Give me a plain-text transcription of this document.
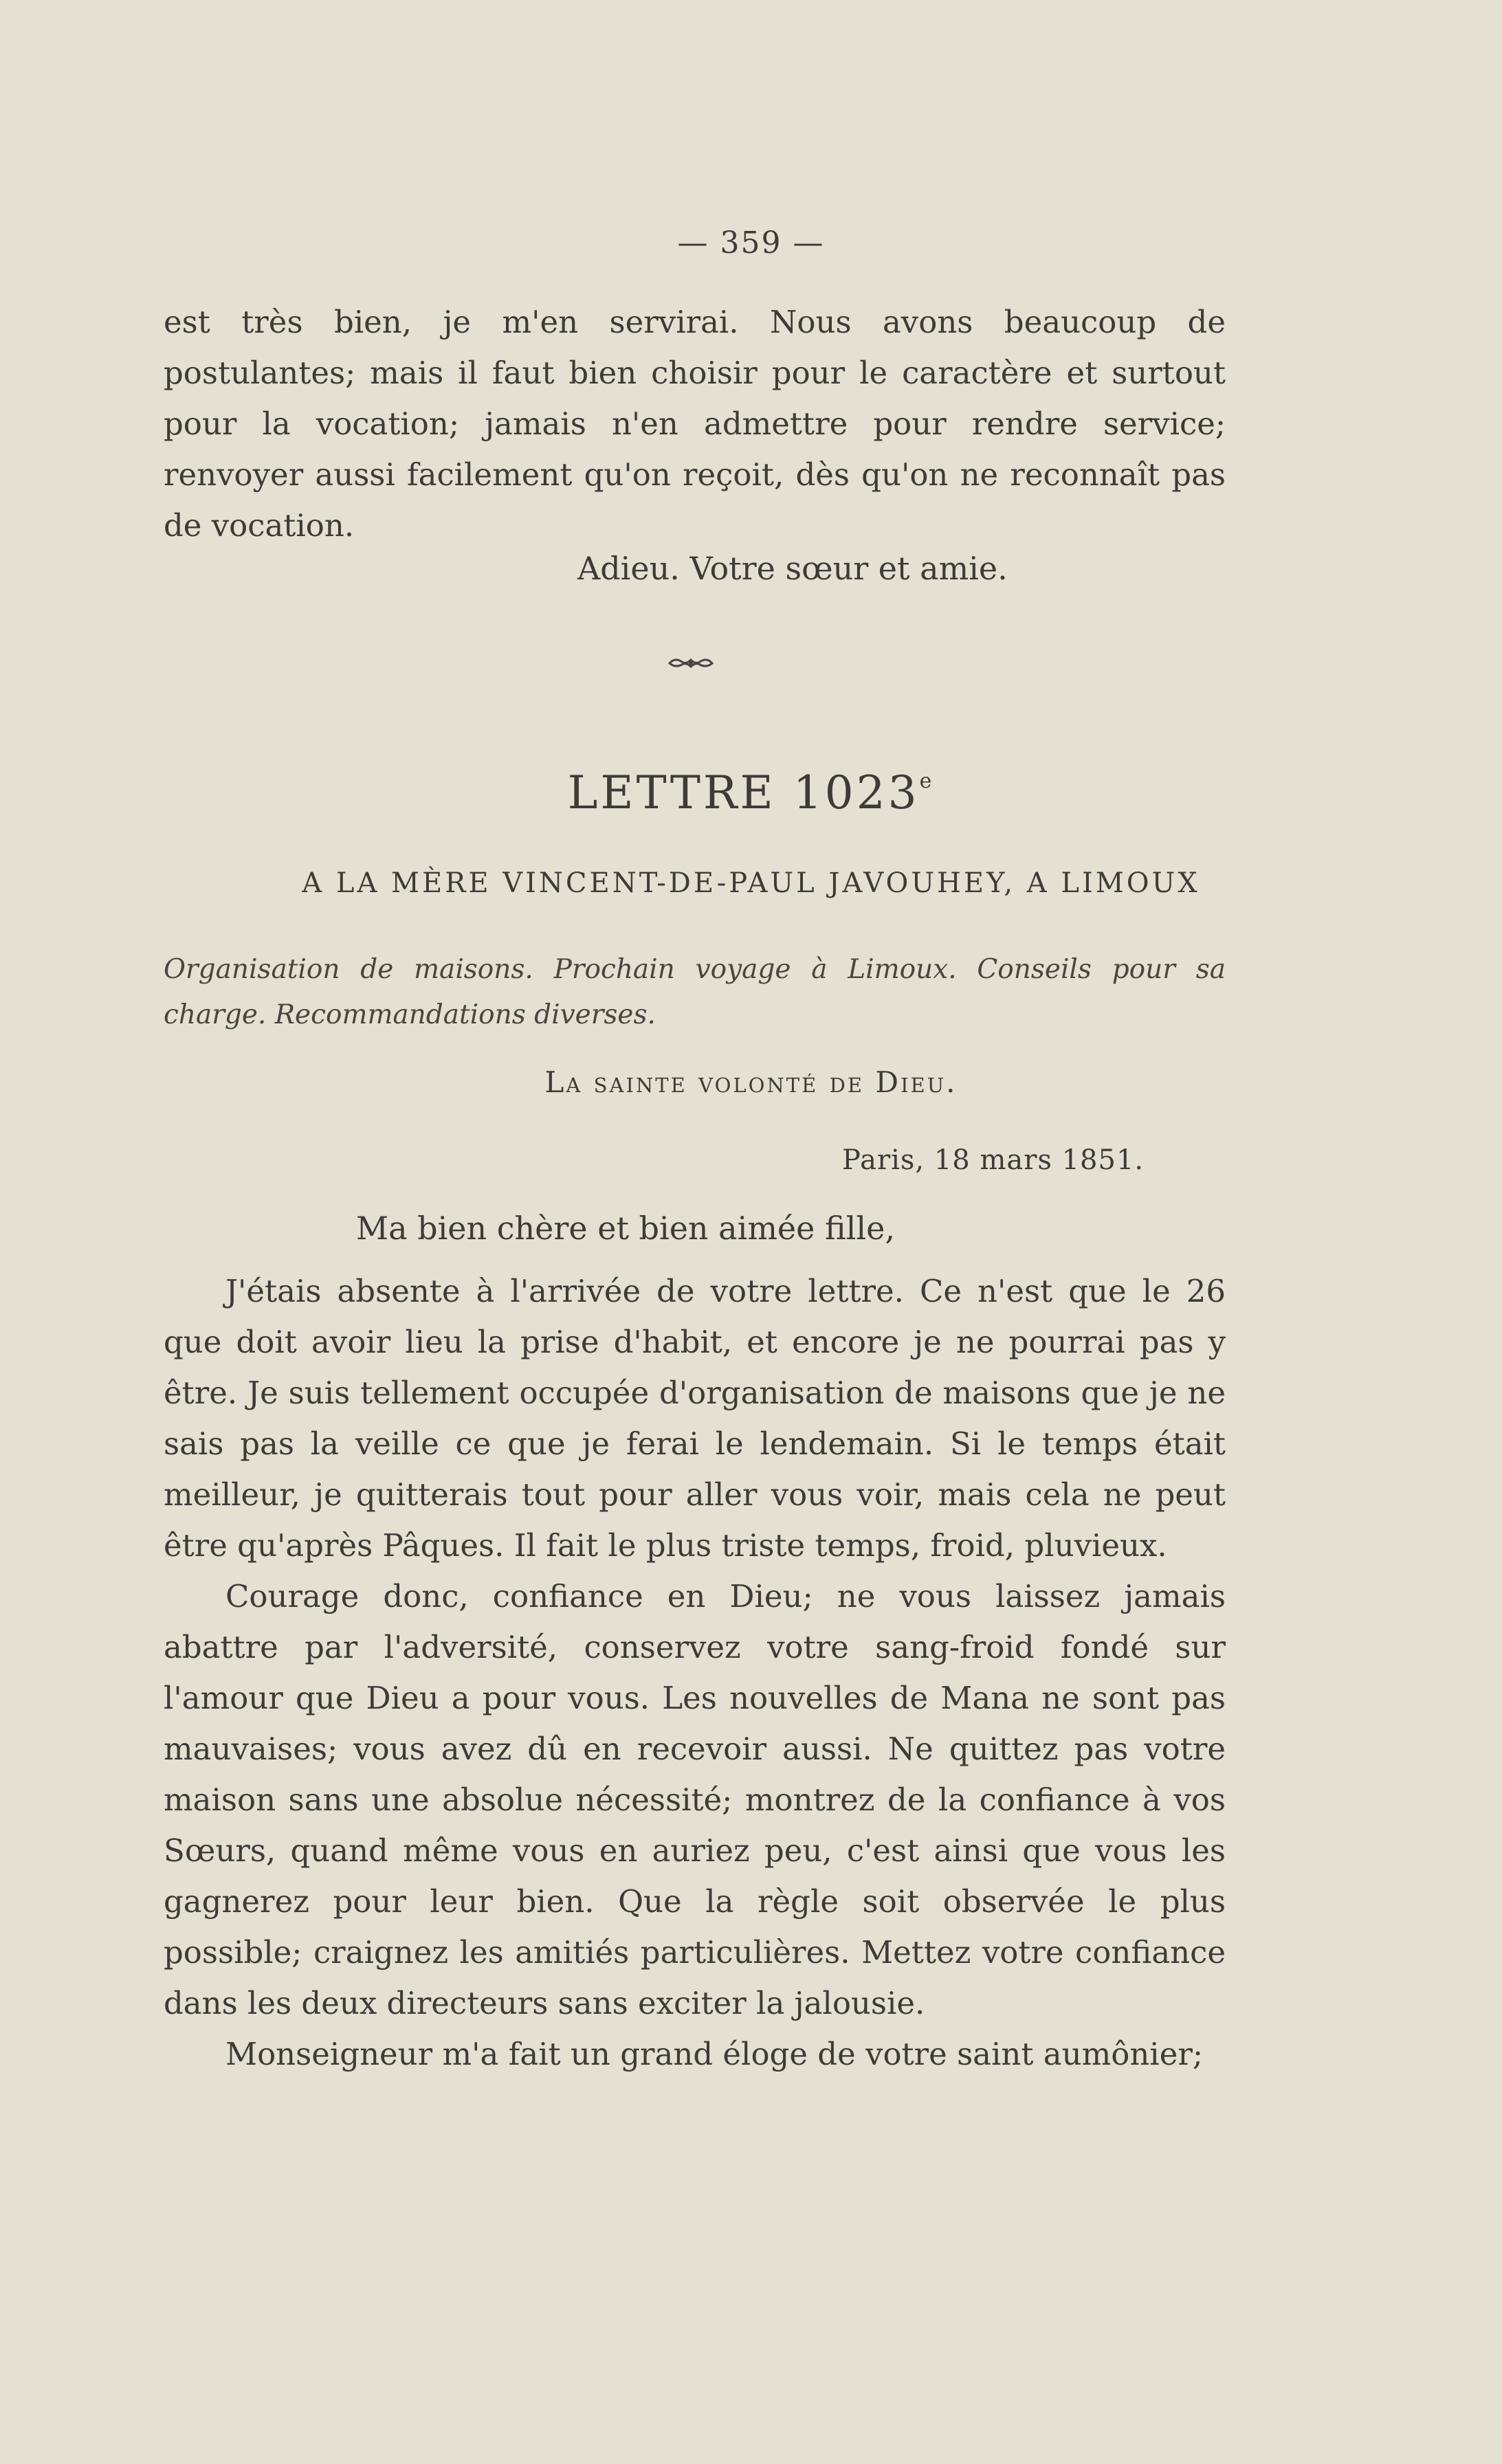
— 359 —

est très bien, je m'en servirai. Nous avons beaucoup de postulantes; mais il faut bien choisir pour le caractère et surtout pour la vocation; jamais n'en admettre pour rendre service; renvoyer aussi facilement qu'on reçoit, dès qu'on ne reconnaît pas de vocation.

Adieu. Votre sœur et amie.
LETTRE 1023e
A LA MÈRE VINCENT-DE-PAUL JAVOUHEY, A LIMOUX

Organisation de maisons. Prochain voyage à Limoux. Conseils pour sa charge. Recommandations diverses.

La sainte volonté de Dieu.
Paris, 18 mars 1851.
Ma bien chère et bien aimée fille,

J'étais absente à l'arrivée de votre lettre. Ce n'est que le 26 que doit avoir lieu la prise d'habit, et encore je ne pourrai pas y être. Je suis tellement occupée d'organisation de maisons que je ne sais pas la veille ce que je ferai le lendemain. Si le temps était meilleur, je quitterais tout pour aller vous voir, mais cela ne peut être qu'après Pâques. Il fait le plus triste temps, froid, pluvieux.

Courage donc, confiance en Dieu; ne vous laissez jamais abattre par l'adversité, conservez votre sang-froid fondé sur l'amour que Dieu a pour vous. Les nouvelles de Mana ne sont pas mauvaises; vous avez dû en recevoir aussi. Ne quittez pas votre maison sans une absolue nécessité; montrez de la confiance à vos Sœurs, quand même vous en auriez peu, c'est ainsi que vous les gagnerez pour leur bien. Que la règle soit observée le plus possible; craignez les amitiés particulières. Mettez votre confiance dans les deux directeurs sans exciter la jalousie.

Monseigneur m'a fait un grand éloge de votre saint aumônier;
